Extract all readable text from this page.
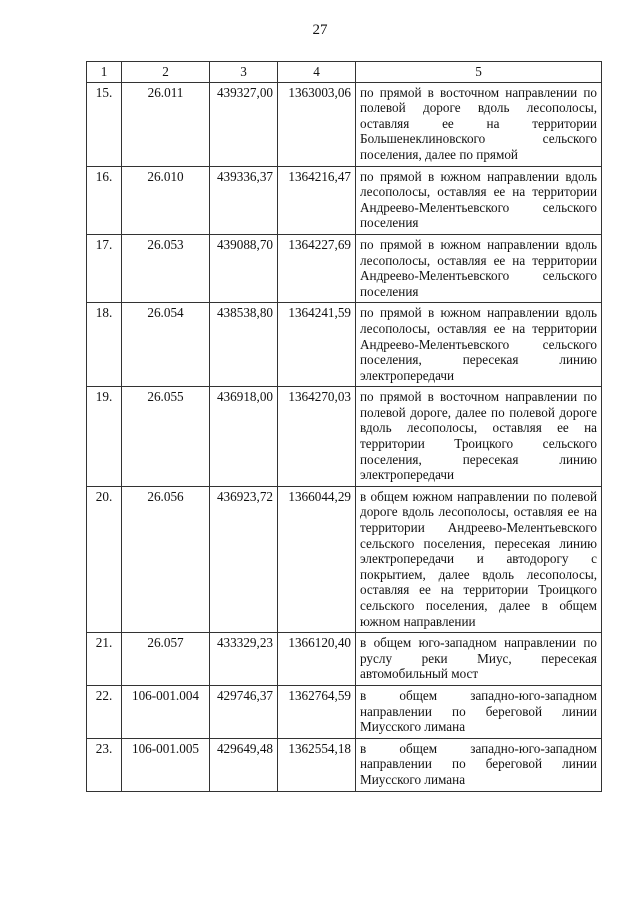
27
1	2	3	4	5
15.	26.011	439327,00	1363003,06	по прямой в восточном направлении по полевой дороге вдоль лесополосы, оставляя ее на территории Большенеклиновского сельского поселения, далее по прямой
16.	26.010	439336,37	1364216,47	по прямой в южном направлении вдоль лесополосы, оставляя ее на территории Андреево-Мелентьевского сельского поселения
17.	26.053	439088,70	1364227,69	по прямой в южном направлении вдоль лесополосы, оставляя ее на территории Андреево-Мелентьевского сельского поселения
18.	26.054	438538,80	1364241,59	по прямой в южном направлении вдоль лесополосы, оставляя ее на территории Андреево-Мелентьевского сельского поселения, пересекая линию электропередачи
19.	26.055	436918,00	1364270,03	по прямой в восточном направлении по полевой дороге, далее по полевой дороге вдоль лесополосы, оставляя ее на территории Троицкого сельского поселения, пересекая линию электропередачи
20.	26.056	436923,72	1366044,29	в общем южном направлении по полевой дороге вдоль лесополосы, оставляя ее на территории Андреево-Мелентьевского сельского поселения, пересекая линию электропередачи и автодорогу с покрытием, далее вдоль лесополосы, оставляя ее на территории Троицкого сельского поселения, далее в общем южном направлении
21.	26.057	433329,23	1366120,40	в общем юго-западном направлении по руслу реки Миус, пересекая автомобильный мост
22.	106-001.004	429746,37	1362764,59	в общем западно-юго-западном направлении по береговой линии Миусского лимана
23.	106-001.005	429649,48	1362554,18	в общем западно-юго-западном направлении по береговой линии Миусского лимана
